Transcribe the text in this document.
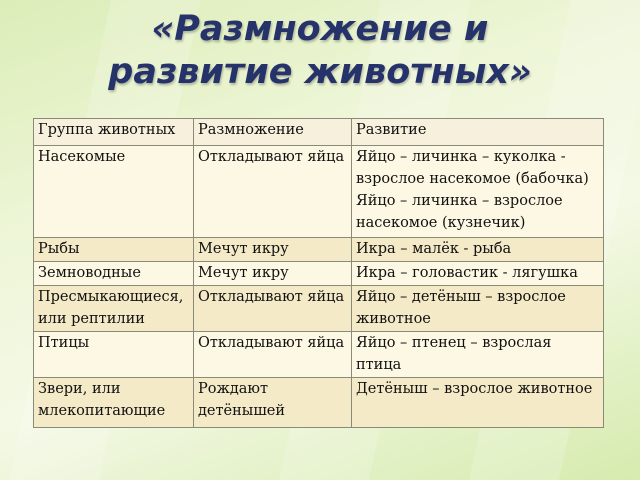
«Размножение и
развитие животных»
Группа животных	Размножение	Развитие
Насекомые	Откладывают яйца	Яйцо – личинка – куколка - взрослое насекомое (бабочка)
Яйцо – личинка – взрослое насекомое (кузнечик)

Рыбы	Мечут икру	Икра – малёк - рыба

Земноводные	Мечут икру	Икра – головастик - лягушка

Пресмыкающиеся, или рептилии	Откладывают яйца	Яйцо – детёныш – взрослое животное

Птицы	Откладывают яйца	Яйцо – птенец – взрослая птица

Звери, или млекопитающие	Рождают детёнышей	Детёныш – взрослое животное
